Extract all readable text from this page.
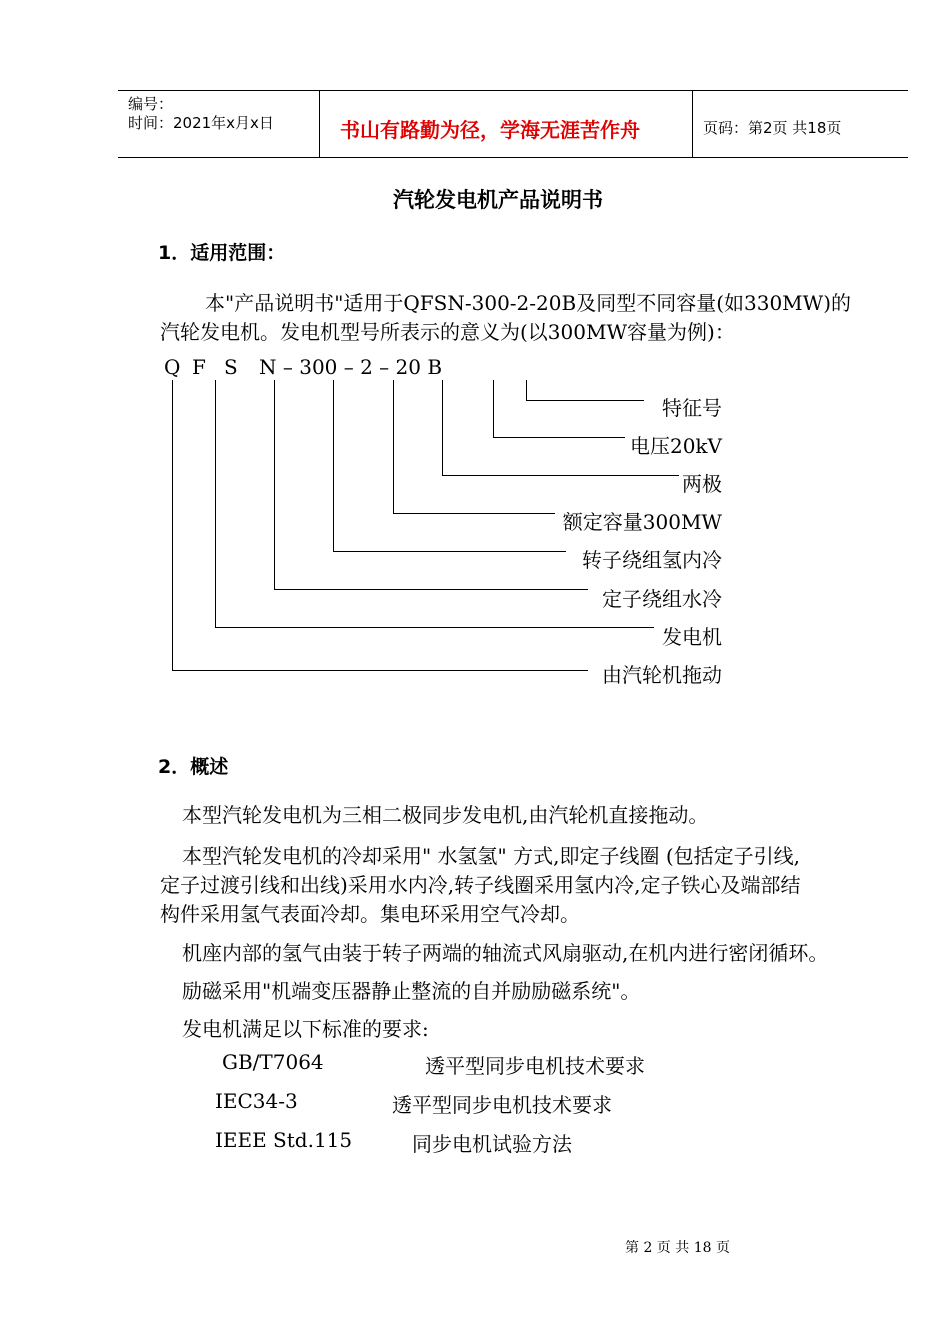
编号：
时间：2021年x月x日	书山有路勤为径，学海无涯苦作舟	页码：第2页 共18页
汽轮发电机产品说明书
1．适用范围：
本"产品说明书"适用于QFSN-300-2-20B及同型不同容量(如330MW)的
汽轮发电机。发电机型号所表示的意义为(以300MW容量为例)：
Q F S N – 300 – 2 – 20 B
特征号
电压20kV
两极
额定容量300MW
转子绕组氢内冷
定子绕组水冷
发电机
由汽轮机拖动
2．概述
本型汽轮发电机为三相二极同步发电机,由汽轮机直接拖动。
本型汽轮发电机的冷却采用" 水氢氢" 方式,即定子线圈 (包括定子引线,
定子过渡引线和出线)采用水内冷,转子线圈采用氢内冷,定子铁心及端部结
构件采用氢气表面冷却。集电环采用空气冷却。
机座内部的氢气由装于转子两端的轴流式风扇驱动,在机内进行密闭循环。
励磁采用"机端变压器静止整流的自并励励磁系统"。
发电机满足以下标准的要求:
GB/T7064	透平型同步电机技术要求
IEC34-3	透平型同步电机技术要求
IEEE Std.115	同步电机试验方法
第 2 页 共 18 页
